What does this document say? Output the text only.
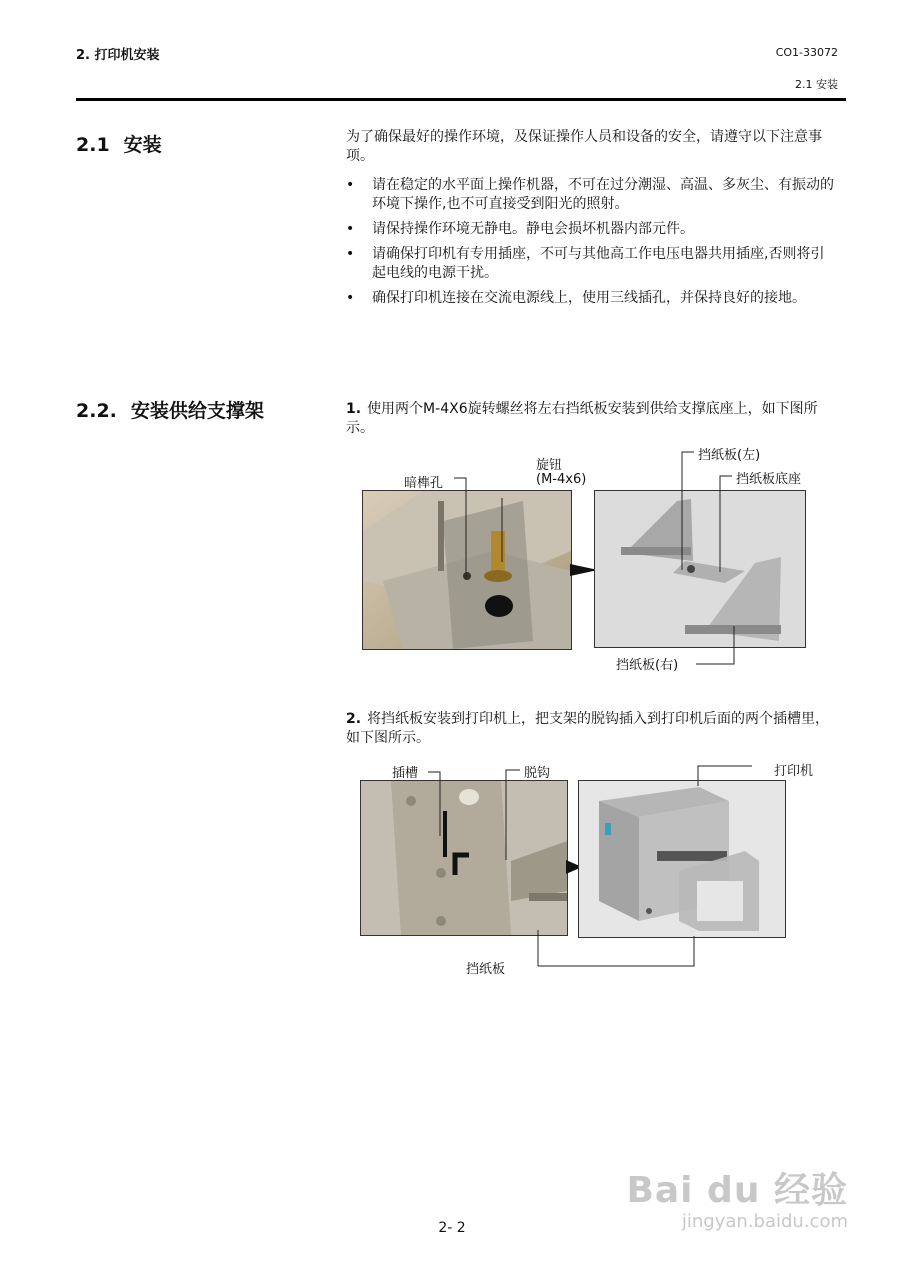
2. 打印机安装	CO1-33072
2.1 安装
2.1 安装	为了确保最好的操作环境，及保证操作人员和设备的安全，请遵守以下注意事项。
• 请在稳定的水平面上操作机器，不可在过分潮湿、高温、多灰尘、有振动的环境下操作,也不可直接受到阳光的照射。
• 请保持操作环境无静电。静电会损坏机器内部元件。
• 请确保打印机有专用插座，不可与其他高工作电压电器共用插座,否则将引起电线的电源干扰。
• 确保打印机连接在交流电源线上，使用三线插孔，并保持良好的接地。
2.2. 安装供给支撑架	1. 使用两个M-4X6旋转螺丝将左右挡纸板安装到供给支撑底座上，如下图所示。
暗榫孔
旋钮
(M-4x6)
挡纸板(左)
挡纸板底座
挡纸板(右)
2. 将挡纸板安装到打印机上，把支架的脱钩插入到打印机后面的两个插槽里，如下图所示。
插槽	脱钩	打印机
挡纸板
2- 2
Bai du 经验
jingyan.baidu.com
